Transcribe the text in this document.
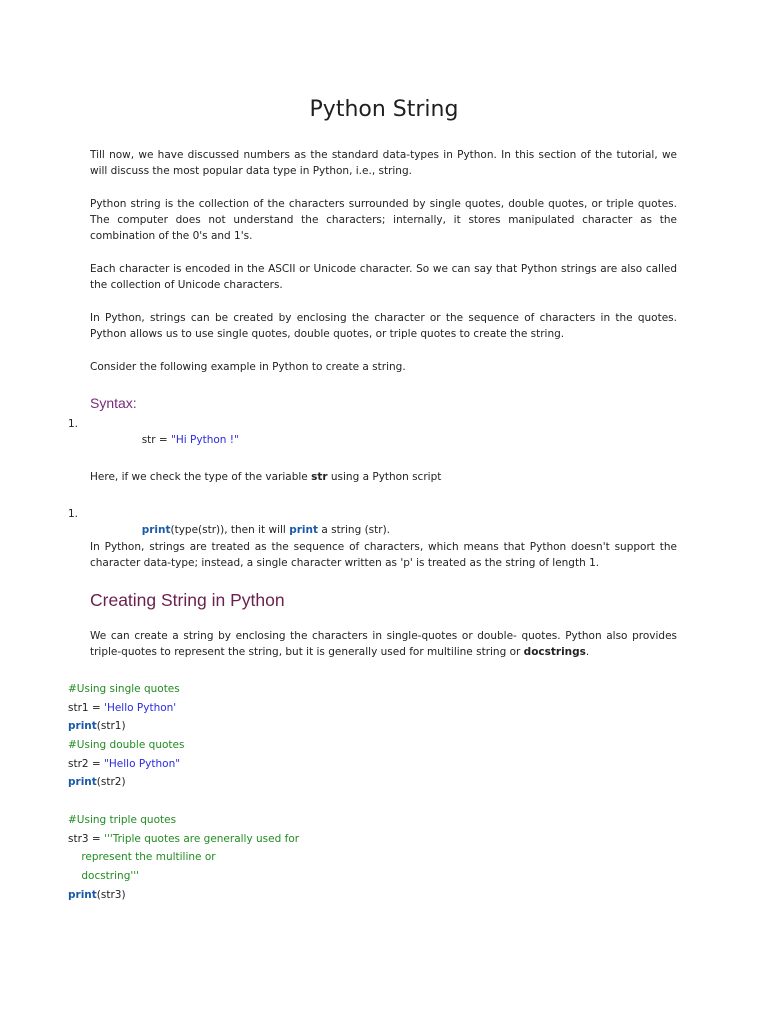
Python String
Till now, we have discussed numbers as the standard data-types in Python. In this section of the tutorial, we will discuss the most popular data type in Python, i.e., string.
Python string is the collection of the characters surrounded by single quotes, double quotes, or triple quotes. The computer does not understand the characters; internally, it stores manipulated character as the combination of the 0's and 1's.
Each character is encoded in the ASCII or Unicode character. So we can say that Python strings are also called the collection of Unicode characters.
In Python, strings can be created by enclosing the character or the sequence of characters in the quotes. Python allows us to use single quotes, double quotes, or triple quotes to create the string.
Consider the following example in Python to create a string.
Syntax:
1.

str = "Hi Python !"

Here, if we check the type of the variable str using a Python script
1.

print(type(str)), then it will print a string (str).

In Python, strings are treated as the sequence of characters, which means that Python doesn't support the character data-type; instead, a single character written as 'p' is treated as the string of length 1.
Creating String in Python
We can create a string by enclosing the characters in single-quotes or double- quotes. Python also provides triple-quotes to represent the string, but it is generally used for multiline string or docstrings.
#Using single quotes
str1 = 'Hello Python'
print(str1)
#Using double quotes
str2 = "Hello Python"
print(str2)
#Using triple quotes
str3 = '''Triple quotes are generally used for
represent the multiline or
docstring'''
print(str3)
